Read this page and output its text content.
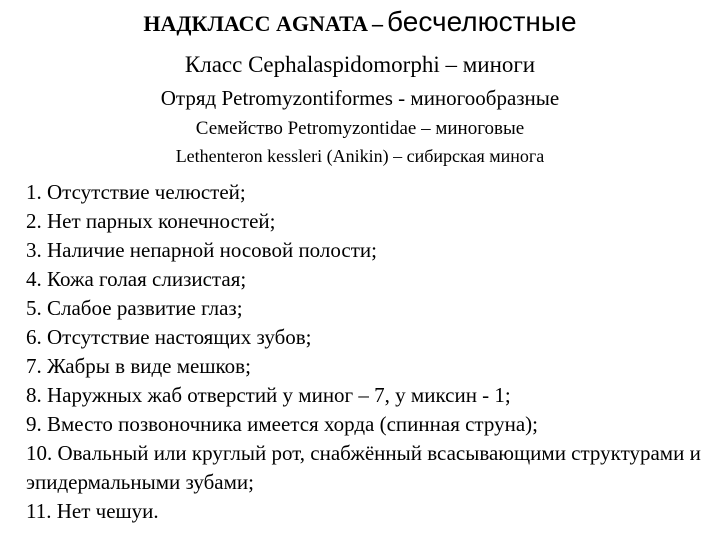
НАДКЛАСС AGNATA – бесчелюстные
Класс Cephalaspidomorphi – миноги
Отряд Petromyzontiformes - миногообразные
Семейство Petromyzontidae – миноговые
Lethenteron kessleri (Anikin) – сибирская минога
1. Отсутствие челюстей;
2. Нет парных конечностей;
3. Наличие непарной носовой полости;
4. Кожа голая слизистая;
5. Слабое развитие глаз;
6. Отсутствие настоящих зубов;
7. Жабры в виде мешков;
8. Наружных жаб отверстий у миног – 7, у миксин - 1;
9. Вместо позвоночника имеется хорда (спинная струна);
10. Овальный или круглый рот, снабжённый всасывающими структурами и эпидермальными зубами;
11. Нет чешуи.
